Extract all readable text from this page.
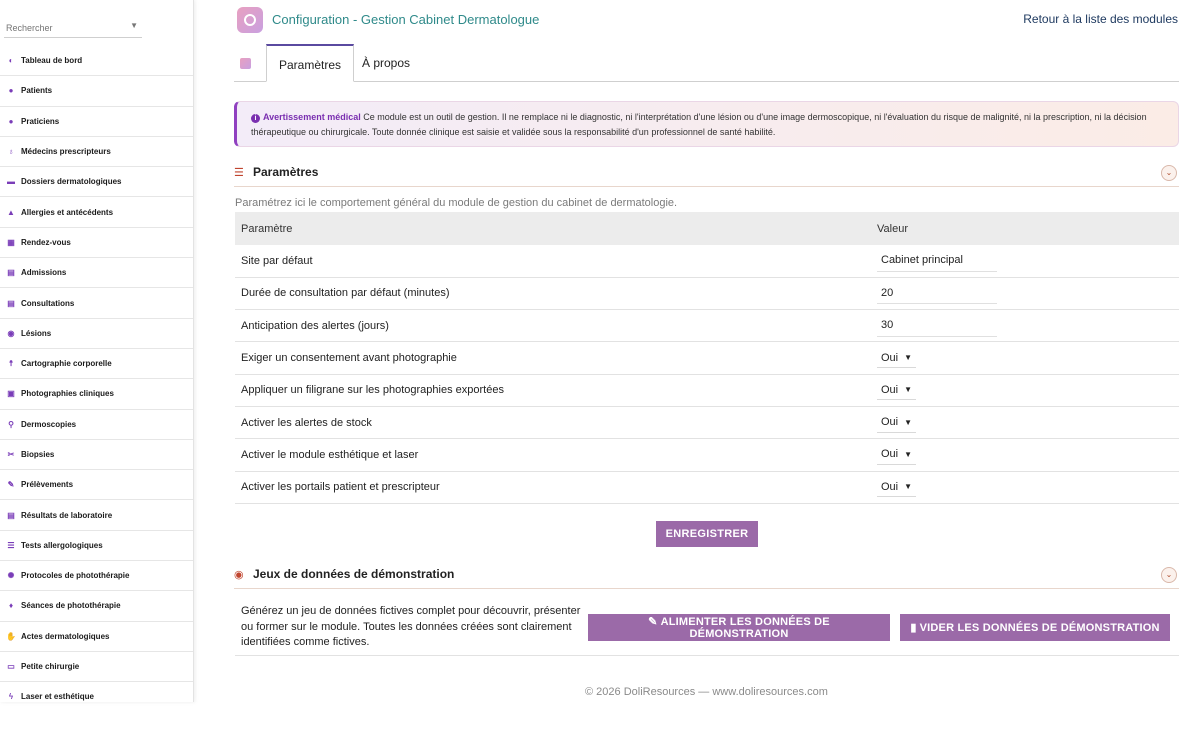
Rechercher
▼
◐ Tableau de bord
● Patients
● Praticiens
♁ Médecins prescripteurs
▬ Dossiers dermatologiques
▲ Allergies et antécédents
▦ Rendez-vous
▤ Admissions
▤ Consultations
◉ Lésions
☨ Cartographie corporelle
▣ Photographies cliniques
⚲ Dermoscopies
✂ Biopsies
✎ Prélèvements
▤ Résultats de laboratoire
☰ Tests allergologiques
✺ Protocoles de photothérapie
♦ Séances de photothérapie
✋ Actes dermatologiques
▭ Petite chirurgie
ϟ Laser et esthétique
Configuration - Gestion Cabinet Dermatologue	Retour à la liste des modules
Paramètres	À propos
i Avertissement médical Ce module est un outil de gestion. Il ne remplace ni le diagnostic, ni l'interprétation d'une lésion ou d'une image dermoscopique, ni l'évaluation du risque de malignité, ni la prescription, ni la décision thérapeutique ou chirurgicale. Toute donnée clinique est saisie et validée sous la responsabilité d'un professionnel de santé habilité.
☰ Paramètres	⌄
Paramétrez ici le comportement général du module de gestion du cabinet de dermatologie.
Paramètre	Valeur
Site par défaut	Cabinet principal
Durée de consultation par défaut (minutes)	20
Anticipation des alertes (jours)	30
Exiger un consentement avant photographie	Oui ▼

Appliquer un filigrane sur les photographies exportées	Oui ▼

Activer les alertes de stock	Oui ▼

Activer le module esthétique et laser	Oui ▼

Activer les portails patient et prescripteur	Oui ▼
ENREGISTRER
◉ Jeux de données de démonstration	⌄
Générez un jeu de données fictives complet pour découvrir, présenter ou former sur le module. Toutes les données créées sont clairement identifiées comme fictives.
✎ ALIMENTER LES DONNÉES DE DÉMONSTRATION	▮ VIDER LES DONNÉES DE DÉMONSTRATION
© 2026 DoliResources — www.doliresources.com
